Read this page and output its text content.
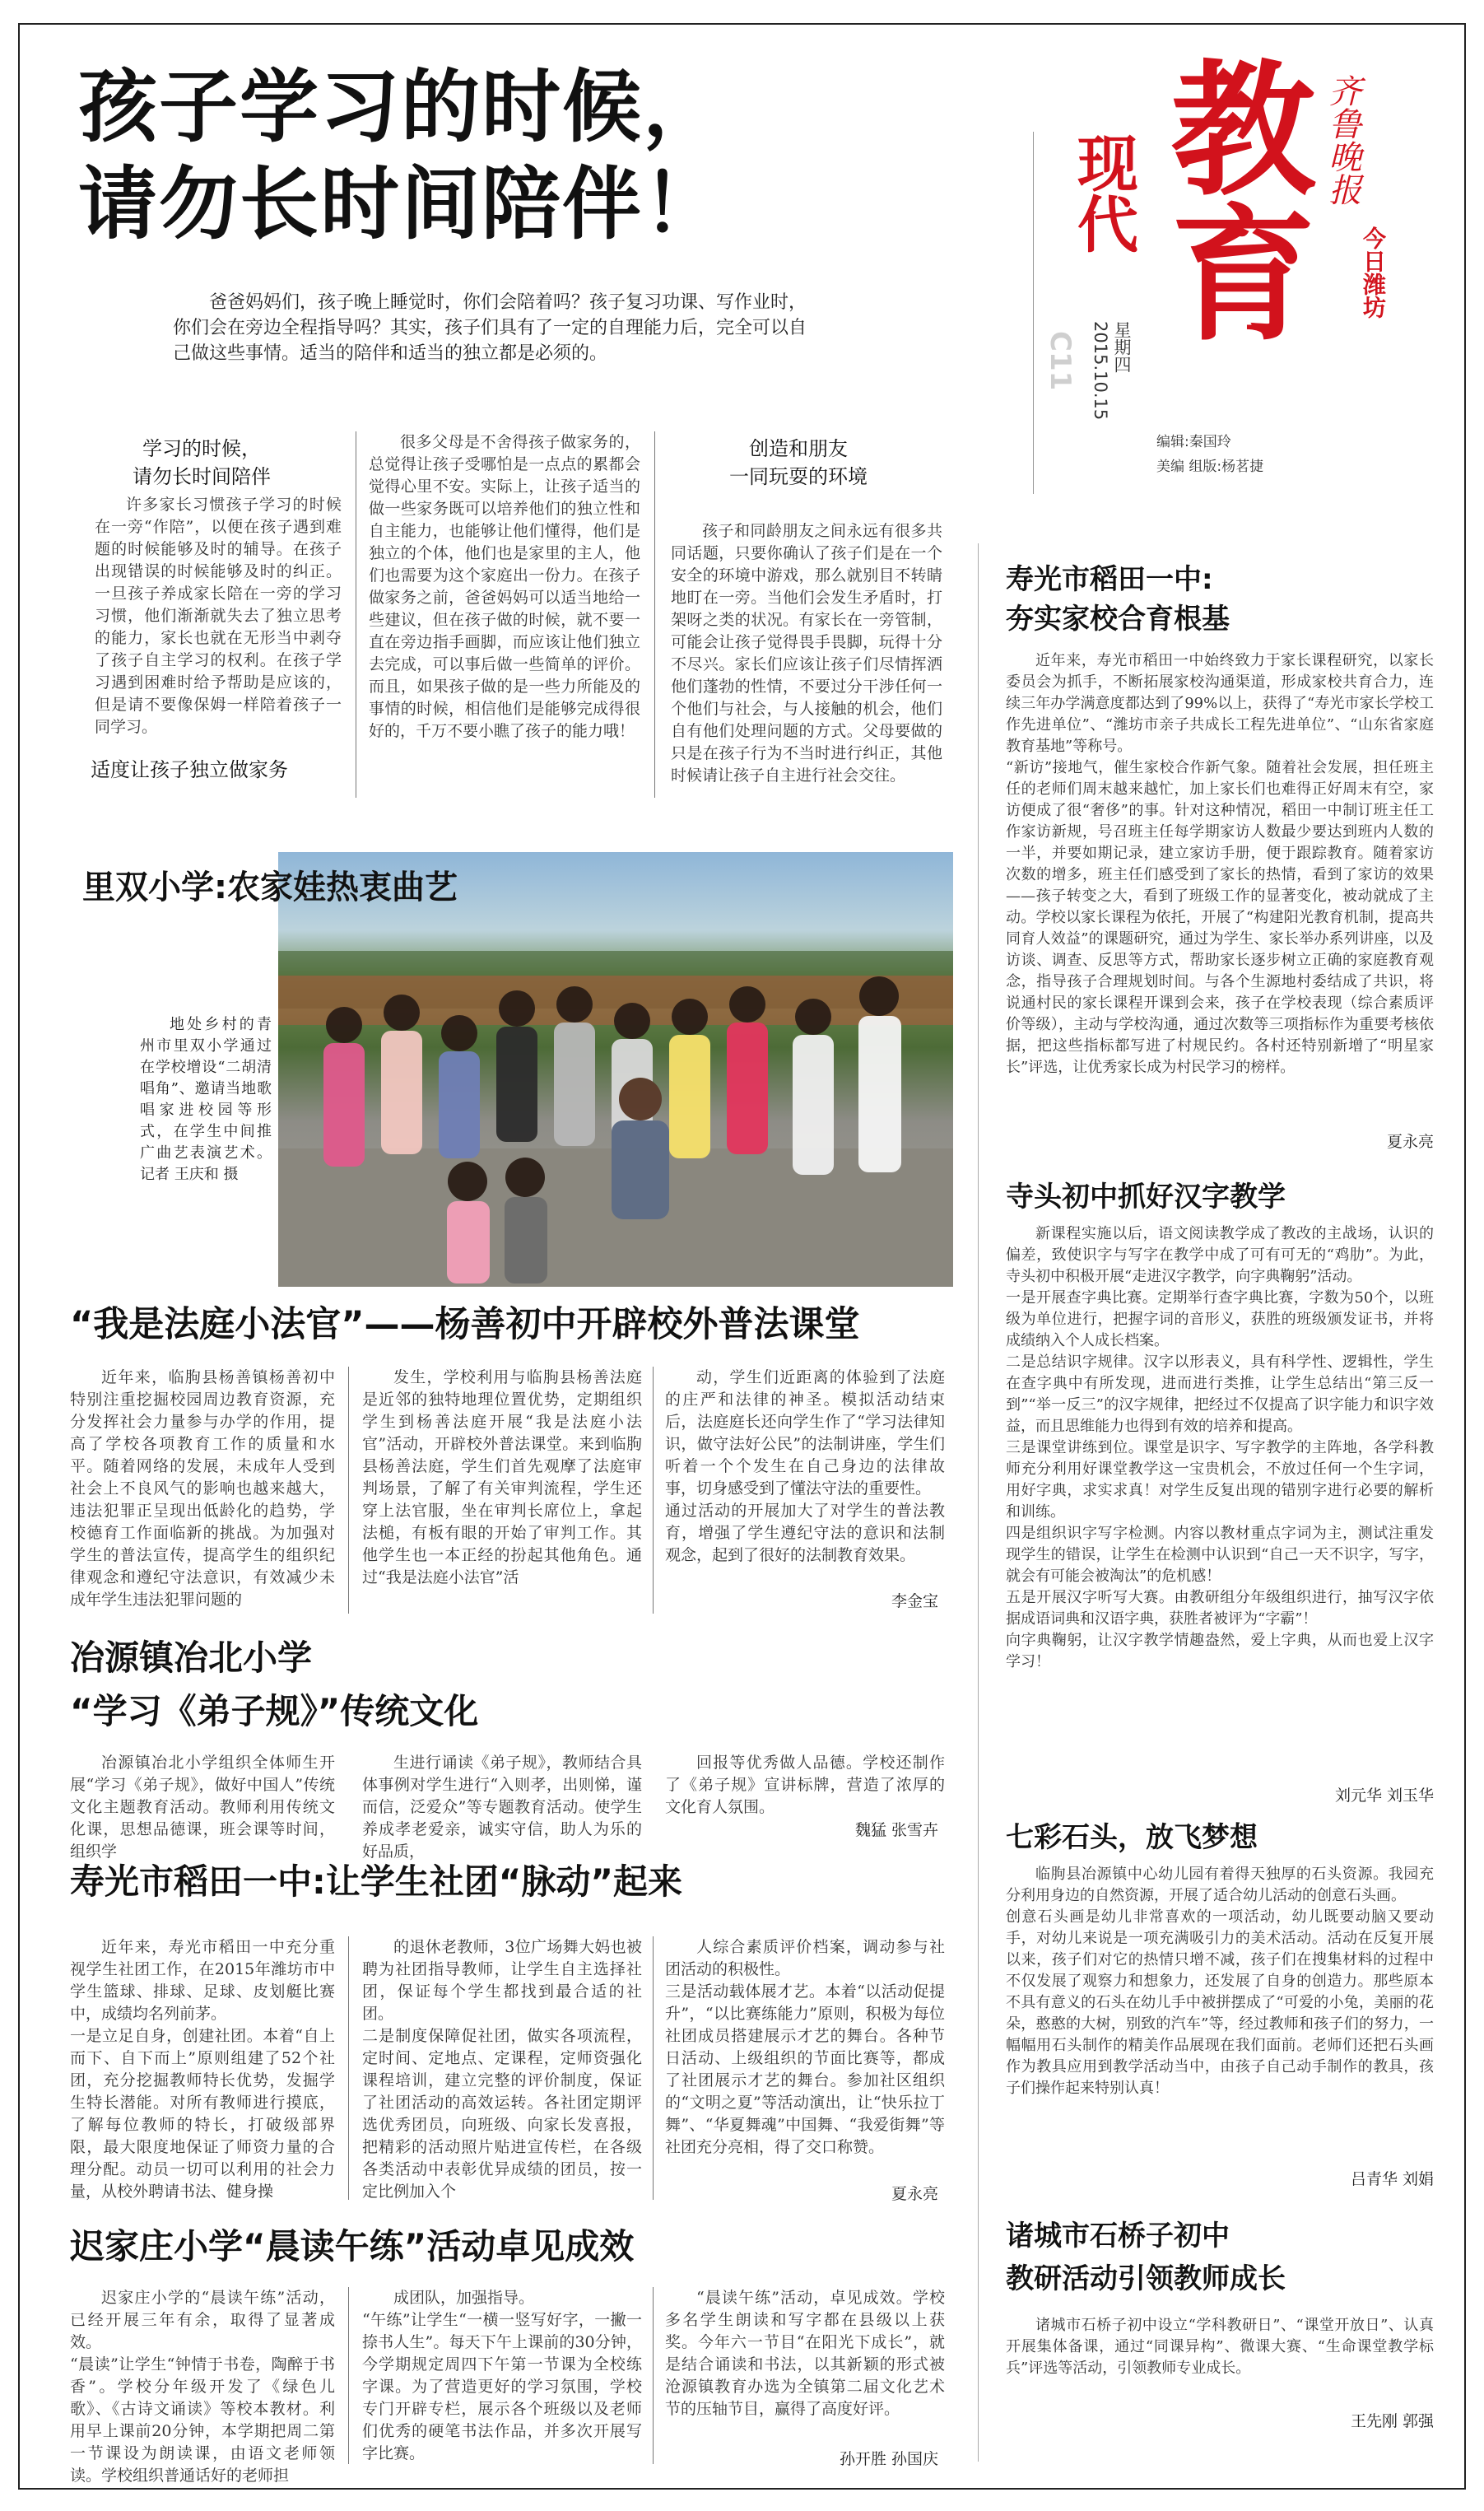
孩子学习的时候，
请勿长时间陪伴！
爸爸妈妈们，孩子晚上睡觉时，你们会陪着吗？孩子复习功课、写作业时，你们会在旁边全程指导吗？其实，孩子们具有了一定的自理能力后，完全可以自己做这些事情。适当的陪伴和适当的独立都是必须的。
现代 教育 齐鲁晚报
今日潍坊
星期四
2015.10.15
C11
编辑:秦国玲
美编 组版:杨茗捷
学习的时候，
请勿长时间陪伴
许多家长习惯孩子学习的时候在一旁“作陪”，以便在孩子遇到难题的时候能够及时的辅导。在孩子出现错误的时候能够及时的纠正。一旦孩子养成家长陪在一旁的学习习惯，他们渐渐就失去了独立思考的能力，家长也就在无形当中剥夺了孩子自主学习的权利。在孩子学习遇到困难时给予帮助是应该的，但是请不要像保姆一样陪着孩子一同学习。
适度让孩子独立做家务
很多父母是不舍得孩子做家务的，总觉得让孩子受哪怕是一点点的累都会觉得心里不安。实际上，让孩子适当的做一些家务既可以培养他们的独立性和自主能力，也能够让他们懂得，他们是独立的个体，他们也是家里的主人，他们也需要为这个家庭出一份力。在孩子做家务之前，爸爸妈妈可以适当地给一些建议，但在孩子做的时候，就不要一直在旁边指手画脚，而应该让他们独立去完成，可以事后做一些简单的评价。而且，如果孩子做的是一些力所能及的事情的时候，相信他们是能够完成得很好的，千万不要小瞧了孩子的能力哦！
创造和朋友
一同玩耍的环境
孩子和同龄朋友之间永远有很多共同话题，只要你确认了孩子们是在一个安全的环境中游戏，那么就别目不转睛地盯在一旁。当他们会发生矛盾时，打架呀之类的状况。有家长在一旁管制，可能会让孩子觉得畏手畏脚，玩得十分不尽兴。家长们应该让孩子们尽情挥洒他们蓬勃的性情，不要过分干涉任何一个他们与社会，与人接触的机会，他们自有他们处理问题的方式。父母要做的只是在孩子行为不当时进行纠正，其他时候请让孩子自主进行社会交往。
里双小学:农家娃热衷曲艺
地处乡村的青州市里双小学通过在学校增设“二胡清唱角”、邀请当地歌唱家进校园等形式，在学生中间推广曲艺表演艺术。记者 王庆和 摄
“我是法庭小法官”——杨善初中开辟校外普法课堂
近年来，临朐县杨善镇杨善初中特别注重挖掘校园周边教育资源，充分发挥社会力量参与办学的作用，提高了学校各项教育工作的质量和水平。随着网络的发展，未成年人受到社会上不良风气的影响也越来越大，违法犯罪正呈现出低龄化的趋势，学校德育工作面临新的挑战。为加强对学生的普法宣传，提高学生的组织纪律观念和遵纪守法意识，有效减少未成年学生违法犯罪问题的
发生，学校利用与临朐县杨善法庭是近邻的独特地理位置优势，定期组织学生到杨善法庭开展“我是法庭小法官”活动，开辟校外普法课堂。来到临朐县杨善法庭，学生们首先观摩了法庭审判场景，了解了有关审判流程，学生还穿上法官服，坐在审判长席位上，拿起法槌，有板有眼的开始了审判工作。其他学生也一本正经的扮起其他角色。通过“我是法庭小法官”活
动，学生们近距离的体验到了法庭的庄严和法律的神圣。模拟活动结束后，法庭庭长还向学生作了“学习法律知识，做守法好公民”的法制讲座，学生们听着一个个发生在自己身边的法律故事，切身感受到了懂法守法的重要性。
通过活动的开展加大了对学生的普法教育，增强了学生遵纪守法的意识和法制观念，起到了很好的法制教育效果。
李金宝
冶源镇冶北小学
“学习《弟子规》”传统文化
冶源镇冶北小学组织全体师生开展“学习《弟子规》，做好中国人”传统文化主题教育活动。教师利用传统文化课，思想品德课，班会课等时间，组织学
生进行诵读《弟子规》，教师结合具体事例对学生进行“入则孝，出则悌，谨而信，泛爱众”等专题教育活动。使学生养成孝老爱亲，诚实守信，助人为乐的好品质，
回报等优秀做人品德。学校还制作了《弟子规》宣讲标牌，营造了浓厚的文化育人氛围。
魏猛 张雪卉
寿光市稻田一中:让学生社团“脉动”起来
近年来，寿光市稻田一中充分重视学生社团工作，在2015年潍坊市中学生篮球、排球、足球、皮划艇比赛中，成绩均名列前茅。
一是立足自身，创建社团。本着“自上而下、自下而上”原则组建了52个社团，充分挖掘教师特长优势，发掘学生特长潜能。对所有教师进行摸底，了解每位教师的特长，打破级部界限，最大限度地保证了师资力量的合理分配。动员一切可以利用的社会力量，从校外聘请书法、健身操
的退休老教师，3位广场舞大妈也被聘为社团指导教师，让学生自主选择社团，保证每个学生都找到最合适的社团。
二是制度保障促社团，做实各项流程，定时间、定地点、定课程，定师资强化课程培训，建立完整的评价制度，保证了社团活动的高效运转。各社团定期评选优秀团员，向班级、向家长发喜报，把精彩的活动照片贴进宣传栏，在各级各类活动中表彰优异成绩的团员，按一定比例加入个
人综合素质评价档案，调动参与社团活动的积极性。
三是活动载体展才艺。本着“以活动促提升”，“以比赛练能力”原则，积极为每位社团成员搭建展示才艺的舞台。各种节日活动、上级组织的节面比赛等，都成了社团展示才艺的舞台。参加社区组织的“文明之夏”等活动演出，让“快乐拉丁舞”、“华夏舞魂”中国舞、“我爱街舞”等社团充分亮相，得了交口称赞。
夏永亮
迟家庄小学“晨读午练”活动卓见成效
迟家庄小学的“晨读午练”活动，已经开展三年有余，取得了显著成效。
“晨读”让学生“钟情于书卷，陶醉于书香”。学校分年级开发了《绿色儿歌》、《古诗文诵读》等校本教材。利用早上课前20分钟，本学期把周二第一节课设为朗读课，由语文老师领读。学校组织普通话好的老师担
成团队，加强指导。
“午练”让学生“一横一竖写好字，一撇一捺书人生”。每天下午上课前的30分钟，今学期规定周四下午第一节课为全校练字课。为了营造更好的学习氛围，学校专门开辟专栏，展示各个班级以及老师们优秀的硬笔书法作品，并多次开展写字比赛。
“晨读午练”活动，卓见成效。学校多名学生朗读和写字都在县级以上获奖。今年六一节目“在阳光下成长”，就是结合诵读和书法，以其新颖的形式被沧源镇教育办选为全镇第二届文化艺术节的压轴节目，赢得了高度好评。
孙开胜 孙国庆
寿光市稻田一中:
夯实家校合育根基
近年来，寿光市稻田一中始终致力于家长课程研究，以家长委员会为抓手，不断拓展家校沟通渠道，形成家校共育合力，连续三年办学满意度都达到了99%以上，获得了“寿光市家长学校工作先进单位”、“潍坊市亲子共成长工程先进单位”、“山东省家庭教育基地”等称号。
“新访”接地气，催生家校合作新气象。随着社会发展，担任班主任的老师们周末越来越忙，加上家长们也难得正好周末有空，家访便成了很“奢侈”的事。针对这种情况，稻田一中制订班主任工作家访新规，号召班主任每学期家访人数最少要达到班内人数的一半，并要如期记录，建立家访手册，便于跟踪教育。随着家访次数的增多，班主任们感受到了家长的热情，看到了家访的效果——孩子转变之大，看到了班级工作的显著变化，被动就成了主动。学校以家长课程为依托，开展了“构建阳光教育机制，提高共同育人效益”的课题研究，通过为学生、家长举办系列讲座，以及访谈、调查、反思等方式，帮助家长逐步树立正确的家庭教育观念，指导孩子合理规划时间。与各个生源地村委结成了共识，将说通村民的家长课程开课到会来，孩子在学校表现（综合素质评价等级），主动与学校沟通，通过次数等三项指标作为重要考核依据，把这些指标都写进了村规民约。各村还特别新增了“明星家长”评选，让优秀家长成为村民学习的榜样。
夏永亮
寺头初中抓好汉字教学
新课程实施以后，语文阅读教学成了教改的主战场，认识的偏差，致使识字与写字在教学中成了可有可无的“鸡肋”。为此，寺头初中积极开展“走进汉字教学，向字典鞠躬”活动。
一是开展查字典比赛。定期举行查字典比赛，字数为50个，以班级为单位进行，把握字词的音形义，获胜的班级颁发证书，并将成绩纳入个人成长档案。
二是总结识字规律。汉字以形表义，具有科学性、逻辑性，学生在查字典中有所发现，进而进行类推，让学生总结出“第三反一到”“举一反三”的汉字规律，把经过不仅提高了识字能力和识字效益，而且思维能力也得到有效的培养和提高。
三是课堂讲练到位。课堂是识字、写字教学的主阵地，各学科教师充分利用好课堂教学这一宝贵机会，不放过任何一个生字词，用好字典，求实求真！对学生反复出现的错别字进行必要的解析和训练。
四是组织识字写字检测。内容以教材重点字词为主，测试注重发现学生的错误，让学生在检测中认识到“自己一天不识字，写字，就会有可能会被淘汰”的危机感！
五是开展汉字听写大赛。由教研组分年级组织进行，抽写汉字依据成语词典和汉语字典，获胜者被评为“字霸”！
向字典鞠躬，让汉字教学情趣盎然，爱上字典，从而也爱上汉字学习！
刘元华 刘玉华
七彩石头，放飞梦想
临朐县冶源镇中心幼儿园有着得天独厚的石头资源。我园充分利用身边的自然资源，开展了适合幼儿活动的创意石头画。
创意石头画是幼儿非常喜欢的一项活动，幼儿既要动脑又要动手，对幼儿来说是一项充满吸引力的美术活动。活动在反复开展以来，孩子们对它的热情只增不减，孩子们在搜集材料的过程中不仅发展了观察力和想象力，还发展了自身的创造力。那些原本不具有意义的石头在幼儿手中被拼摆成了“可爱的小兔，美丽的花朵，憨憨的大树，别致的汽车”等，经过教师和孩子们的努力，一幅幅用石头制作的精美作品展现在我们面前。老师们还把石头画作为教具应用到教学活动当中，由孩子自己动手制作的教具，孩子们操作起来特别认真！
吕青华 刘娟
诸城市石桥子初中
教研活动引领教师成长
诸城市石桥子初中设立“学科教研日”、“课堂开放日”、认真开展集体备课，通过“同课异构”、微课大赛、“生命课堂教学标兵”评选等活动，引领教师专业成长。
王先刚 郭强
